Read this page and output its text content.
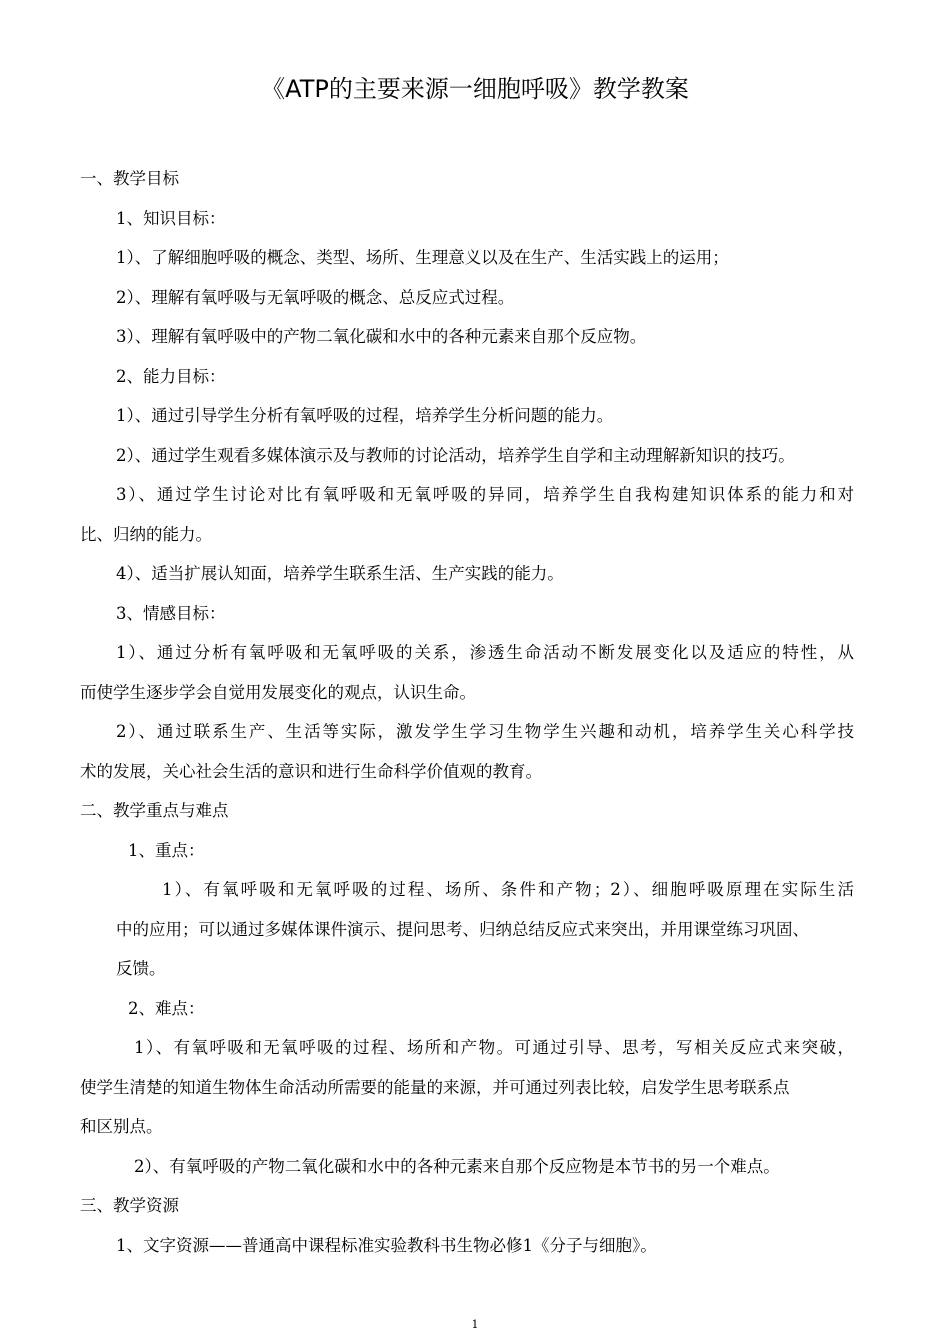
《ATP的主要来源一细胞呼吸》教学教案
一、教学目标
1、知识目标：
1）、了解细胞呼吸的概念、类型、场所、生理意义以及在生产、生活实践上的运用；
2）、理解有氧呼吸与无氧呼吸的概念、总反应式过程。
3）、理解有氧呼吸中的产物二氧化碳和水中的各种元素来自那个反应物。
2、能力目标：
1）、通过引导学生分析有氧呼吸的过程，培养学生分析问题的能力。
2）、通过学生观看多媒体演示及与教师的讨论活动，培养学生自学和主动理解新知识的技巧。
3）、通过学生讨论对比有氧呼吸和无氧呼吸的异同，培养学生自我构建知识体系的能力和对
比、归纳的能力。
4）、适当扩展认知面，培养学生联系生活、生产实践的能力。
3、情感目标：
1）、通过分析有氧呼吸和无氧呼吸的关系，渗透生命活动不断发展变化以及适应的特性，从
而使学生逐步学会自觉用发展变化的观点，认识生命。
2）、通过联系生产、生活等实际，激发学生学习生物学生兴趣和动机，培养学生关心科学技
术的发展，关心社会生活的意识和进行生命科学价值观的教育。
二、教学重点与难点
1、重点：
1）、有氧呼吸和无氧呼吸的过程、场所、条件和产物；2）、细胞呼吸原理在实际生活
中的应用；可以通过多媒体课件演示、提问思考、归纳总结反应式来突出，并用课堂练习巩固、
反馈。
2、难点：
1）、有氧呼吸和无氧呼吸的过程、场所和产物。可通过引导、思考，写相关反应式来突破，
使学生清楚的知道生物体生命活动所需要的能量的来源，并可通过列表比较，启发学生思考联系点
和区别点。
2）、有氧呼吸的产物二氧化碳和水中的各种元素来自那个反应物是本节书的另一个难点。
三、教学资源
1、文字资源——普通高中课程标准实验教科书生物必修1《分子与细胞》。
1
